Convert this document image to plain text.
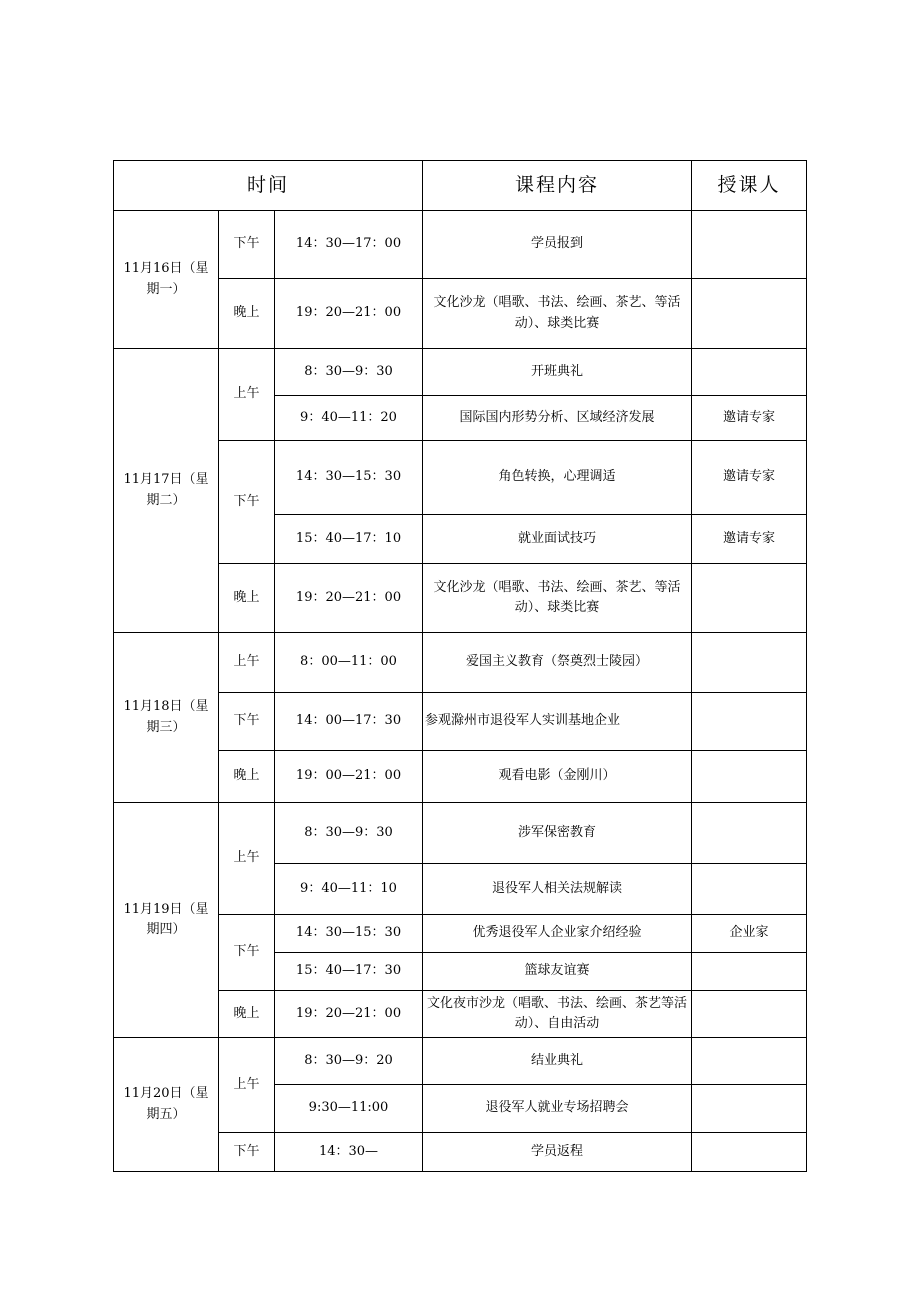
时间			课程内容	授课人
11月16日（星期一）	下午	14：30—17：00	学员报到	
	晚上	19：20—21：00	文化沙龙（唱歌、书法、绘画、茶艺、等活动）、球类比赛	
11月17日（星期二）	上午	8：30—9：30	开班典礼	
		9：40—11：20	国际国内形势分析、区域经济发展	邀请专家
	下午	14：30—15：30	角色转换，心理调适	邀请专家
		15：40—17：10	就业面试技巧	邀请专家
	晚上	19：20—21：00	文化沙龙（唱歌、书法、绘画、茶艺、等活动）、球类比赛	
11月18日（星期三）	上午	8：00—11：00	爱国主义教育（祭奠烈士陵园）	
	下午	14：00—17：30	参观滁州市退役军人实训基地企业	
	晚上	19：00—21：00	观看电影（金刚川）	
11月19日（星期四）	上午	8：30—9：30	涉军保密教育	
		9：40—11：10	退役军人相关法规解读	
	下午	14：30—15：30	优秀退役军人企业家介绍经验	企业家
		15：40—17：30	篮球友谊赛	
	晚上	19：20—21：00	文化夜市沙龙（唱歌、书法、绘画、茶艺等活动）、自由活动	
11月20日（星期五）	上午	8：30—9：20	结业典礼	
		9:30—11:00	退役军人就业专场招聘会	
	下午	14：30—	学员返程	
